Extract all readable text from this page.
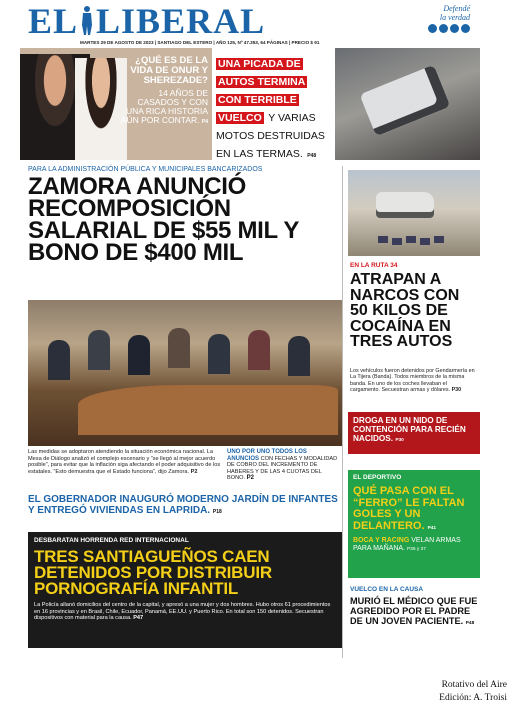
EL LIBERAL	Defendé
la verdad
MARTES 29 DE AGOSTO DE 2023 | SANTIAGO DEL ESTERO | AÑO 125, Nº 47.353, 64 PÁGINAS | PRECIO $ 91
¿QUÉ ES DE LA VIDA DE ONUR Y SHEREZADE?
14 AÑOS DE CASADOS Y CON UNA RICA HISTORIA AÚN POR CONTAR. P4
UNA PICADA DE AUTOS TERMINA CON TERRIBLE VUELCO Y VARIAS MOTOS DESTRUIDAS EN LAS TERMAS. P48
PARA LA ADMINISTRACIÓN PÚBLICA Y MUNICIPALES BANCARIZADOS
ZAMORA ANUNCIÓ RECOMPOSICIÓN SALARIAL DE $55 MIL Y BONO DE $400 MIL
Las medidas se adoptaron atendiendo la situación económica nacional. La Mesa de Diálogo analizó el complejo escenario y “se llegó al mejor acuerdo posible”, para evitar que la inflación siga afectando el poder adquisitivo de los estatales. “Esto demuestra que el Estado funciona”, dijo Zamora. P2
UNO POR UNO TODOS LOS ANUNCIOS CON FECHAS Y MODALIDAD DE COBRO DEL INCREMENTO DE HABERES Y DE LAS 4 CUOTAS DEL BONO. P2
EL GOBERNADOR INAUGURÓ MODERNO JARDÍN DE INFANTES Y ENTREGÓ VIVIENDAS EN LAPRIDA. P18
DESBARATAN HORRENDA RED INTERNACIONAL
TRES SANTIAGUEÑOS CAEN DETENIDOS POR DISTRIBUIR PORNOGRAFÍA INFANTIL
La Policía allanó domicilios del centro de la capital, y apresó a una mujer y dos hombres. Hubo otros 61 procedimientos en 16 provincias y en Brasil, Chile, Ecuador, Panamá, EE.UU. y Puerto Rico. En total son 150 detenidos. Secuestran dispositivos con material para la causa. P47
EN LA RUTA 34
ATRAPAN A NARCOS CON 50 KILOS DE COCAÍNA EN TRES AUTOS
Los vehículos fueron detenidos por Gendarmería en La Tijera (Banda). Todos miembros de la misma banda. En uno de los coches llevaban el cargamento. Secuestran armas y dólares. P30
DROGA EN UN NIDO DE CONTENCIÓN PARA RECIÉN NACIDOS. P30
EL DEPORTIVO
QUÉ PASA CON EL “FERRO” LE FALTAN GOLES Y UN DELANTERO. P41
BOCA Y RACING VELAN ARMAS PARA MAÑANA. P36 y 37
VUELCO EN LA CAUSA
MURIÓ EL MÉDICO QUE FUE AGREDIDO POR EL PADRE DE UN JOVEN PACIENTE. P48
Rotativo del Aire
Edición: A. Troisi
